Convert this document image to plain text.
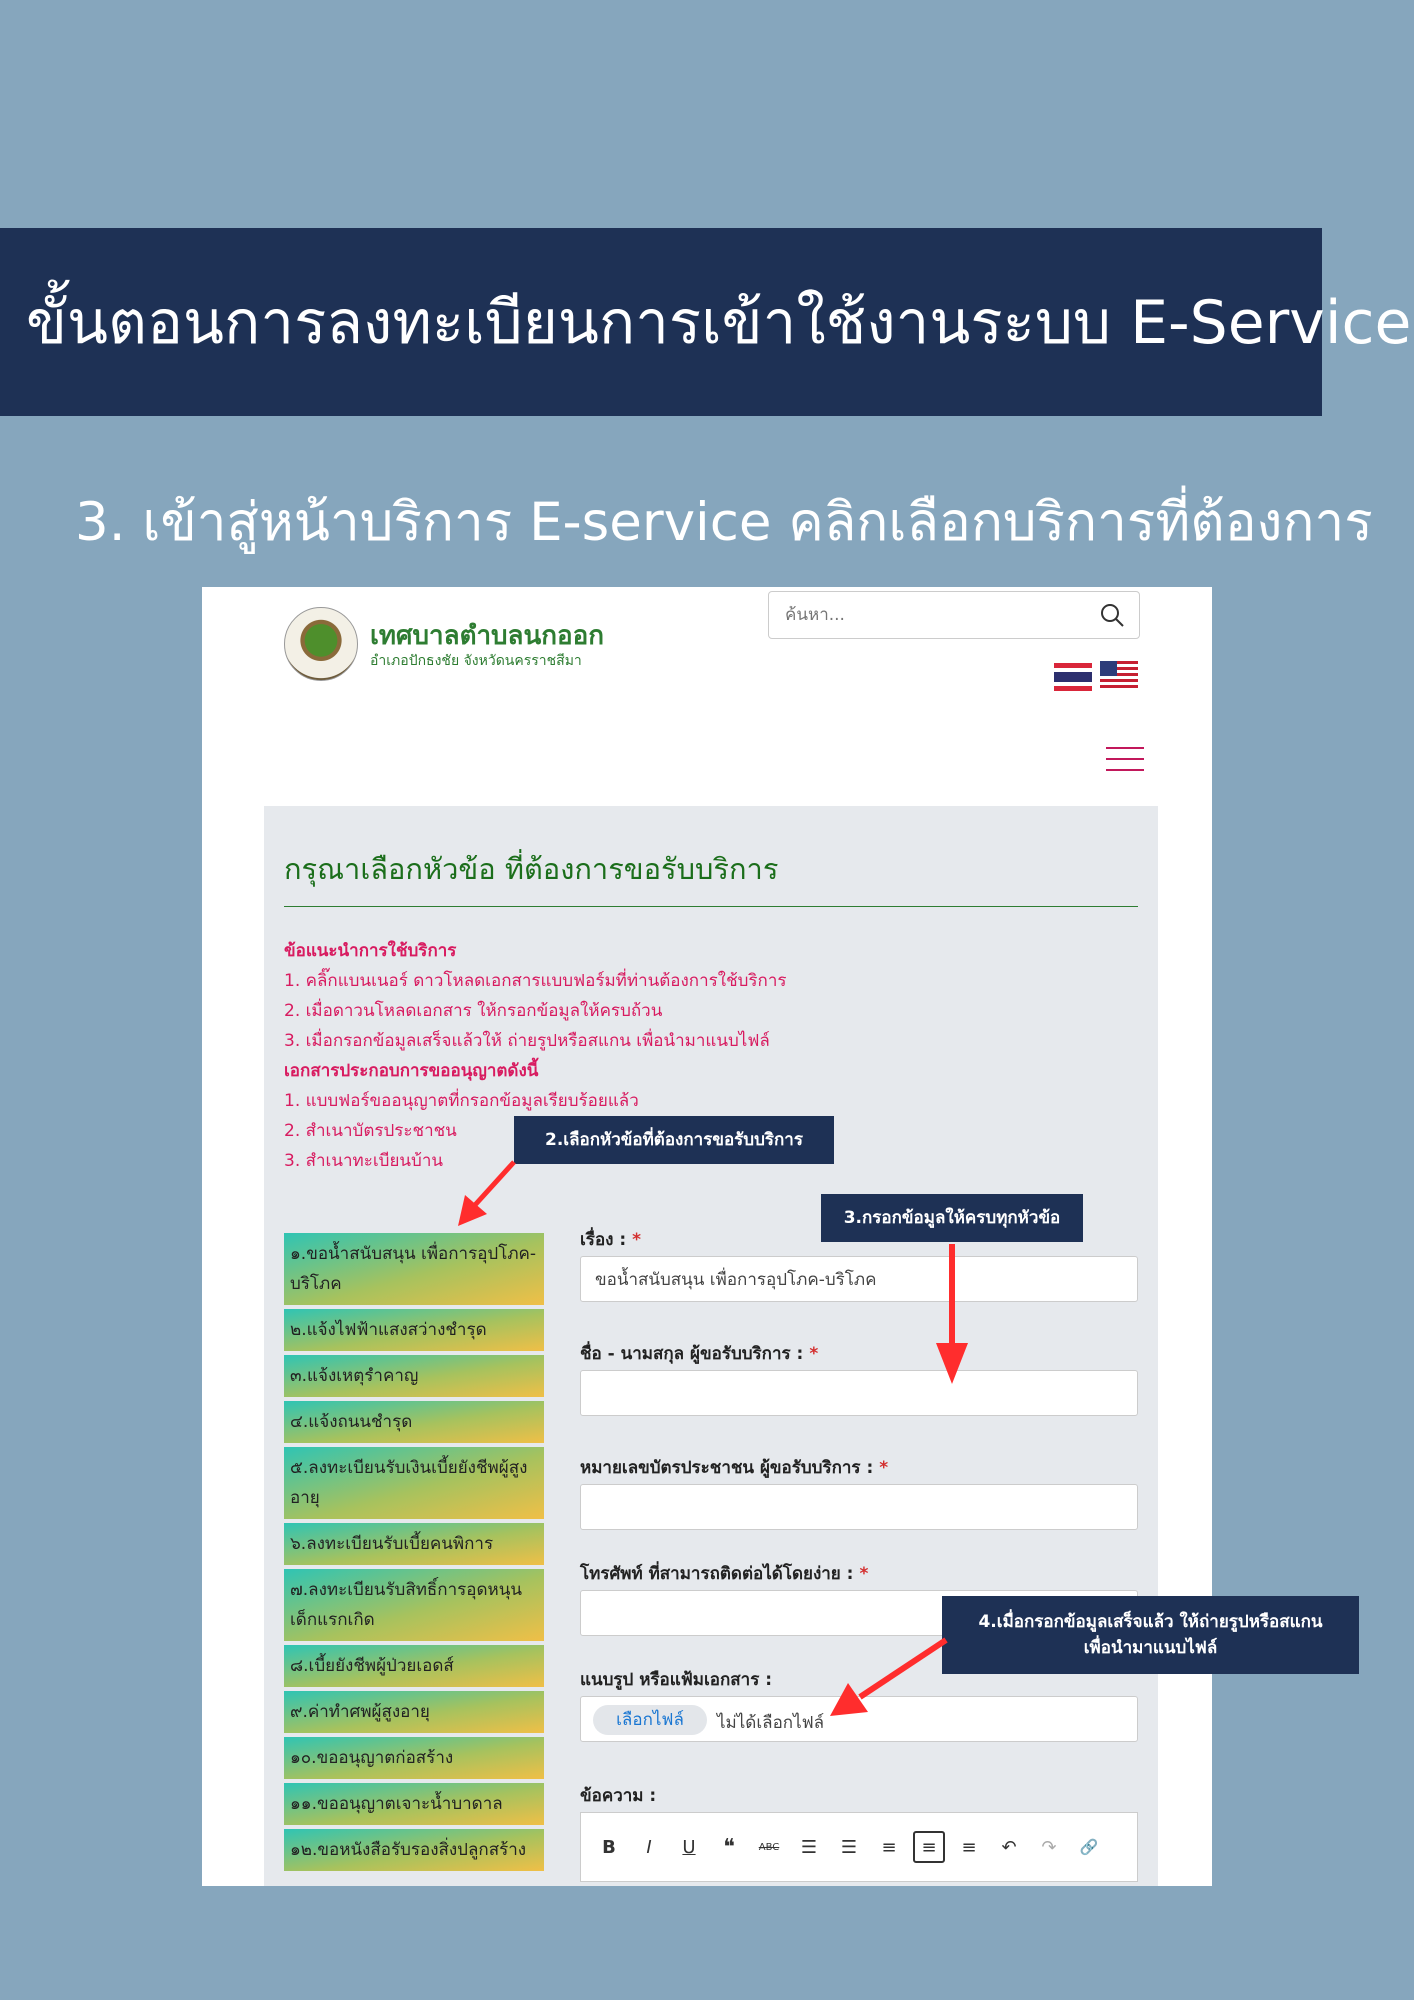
ขั้นตอนการลงทะเบียนการเข้าใช้งานระบบ E-Service
3. เข้าสู่หน้าบริการ E-service คลิกเลือกบริการที่ต้องการ
เทศบาลตำบลนกออก
อำเภอปักธงชัย จังหวัดนครราชสีมา
ค้นหา...
กรุณาเลือกหัวข้อ ที่ต้องการขอรับบริการ
ข้อแนะนำการใช้บริการ
1. คลิ๊กแบนเนอร์ ดาวโหลดเอกสารแบบฟอร์มที่ท่านต้องการใช้บริการ
2. เมื่อดาวนโหลดเอกสาร ให้กรอกข้อมูลให้ครบถ้วน
3. เมื่อกรอกข้อมูลเสร็จแล้วให้ ถ่ายรูปหรือสแกน เพื่อนำมาแนบไฟล์
เอกสารประกอบการขออนุญาตดังนี้
1. แบบฟอร์ขออนุญาตที่กรอกข้อมูลเรียบร้อยแล้ว
2. สำเนาบัตรประชาชน
3. สำเนาทะเบียนบ้าน
๑.ขอน้ำสนับสนุน เพื่อการอุปโภค-บริโภค
๒.แจ้งไฟฟ้าแสงสว่างชำรุด
๓.แจ้งเหตุรำคาญ
๔.แจ้งถนนชำรุด
๕.ลงทะเบียนรับเงินเบี้ยยังชีพผู้สูงอายุ
๖.ลงทะเบียนรับเบี้ยคนพิการ
๗.ลงทะเบียนรับสิทธิ์การอุดหนุนเด็กแรกเกิด
๘.เบี้ยยังชีพผู้ป่วยเอดส์
๙.ค่าทำศพผู้สูงอายุ
๑๐.ขออนุญาตก่อสร้าง
๑๑.ขออนุญาตเจาะน้ำบาดาล
๑๒.ขอหนังสือรับรองสิ่งปลูกสร้าง
เรื่อง : *
ขอน้ำสนับสนุน เพื่อการอุปโภค-บริโภค
ชื่อ - นามสกุล ผู้ขอรับบริการ : *
หมายเลขบัตรประชาชน ผู้ขอรับบริการ : *
โทรศัพท์ ที่สามารถติดต่อได้โดยง่าย : *
แนบรูป หรือแฟ้มเอกสาร :
เลือกไฟล์	ไม่ได้เลือกไฟล์
ข้อความ :
B	I	U	❝	ABC	☰	☰	≡	≡	≡	↶	↷	🔗
2.เลือกหัวข้อที่ต้องการขอรับบริการ
3.กรอกข้อมูลให้ครบทุกหัวข้อ
4.เมื่อกรอกข้อมูลเสร็จแล้ว ให้ถ่ายรูปหรือสแกน
เพื่อนำมาแนบไฟล์
